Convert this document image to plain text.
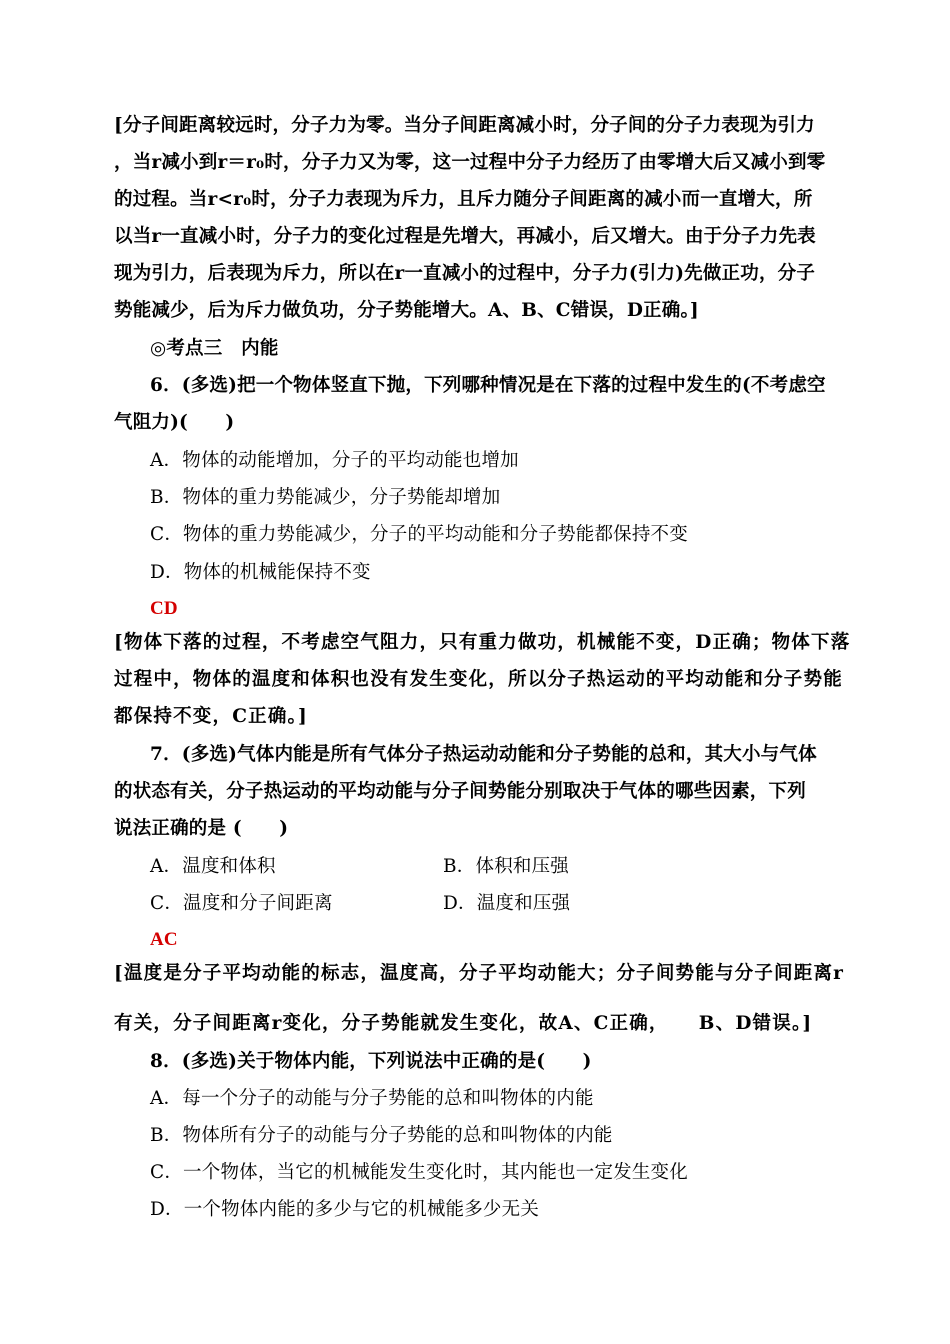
[分子间距离较远时，分子力为零。当分子间距离减小时，分子间的分子力表现为引力
，当r减小到r＝r₀时，分子力又为零，这一过程中分子力经历了由零增大后又减小到零
的过程。当r<r₀时，分子力表现为斥力，且斥力随分子间距离的减小而一直增大，所
以当r一直减小时，分子力的变化过程是先增大，再减小，后又增大。由于分子力先表
现为引力，后表现为斥力，所以在r一直减小的过程中，分子力(引力)先做正功，分子
势能减少，后为斥力做负功，分子势能增大。A、B、C错误，D正确。]
◎考点三　内能
6．(多选)把一个物体竖直下抛，下列哪种情况是在下落的过程中发生的(不考虑空
气阻力)(　　)
A．物体的动能增加，分子的平均动能也增加
B．物体的重力势能减少，分子势能却增加
C．物体的重力势能减少，分子的平均动能和分子势能都保持不变
D．物体的机械能保持不变
CD
[物体下落的过程，不考虑空气阻力，只有重力做功，机械能不变，D正确；物体下落
过程中，物体的温度和体积也没有发生变化，所以分子热运动的平均动能和分子势能
都保持不变，C正确。]
7．(多选)气体内能是所有气体分子热运动动能和分子势能的总和，其大小与气体
的状态有关，分子热运动的平均动能与分子间势能分别取决于气体的哪些因素，下列
说法正确的是 (　　)
A．温度和体积	B．体积和压强
C．温度和分子间距离	D．温度和压强
AC
[温度是分子平均动能的标志，温度高，分子平均动能大；分子间势能与分子间距离r
有关，分子间距离r变化，分子势能就发生变化，故A、C正确，　　B、D错误。]
8．(多选)关于物体内能，下列说法中正确的是(　　)
A．每一个分子的动能与分子势能的总和叫物体的内能
B．物体所有分子的动能与分子势能的总和叫物体的内能
C．一个物体，当它的机械能发生变化时，其内能也一定发生变化
D．一个物体内能的多少与它的机械能多少无关
